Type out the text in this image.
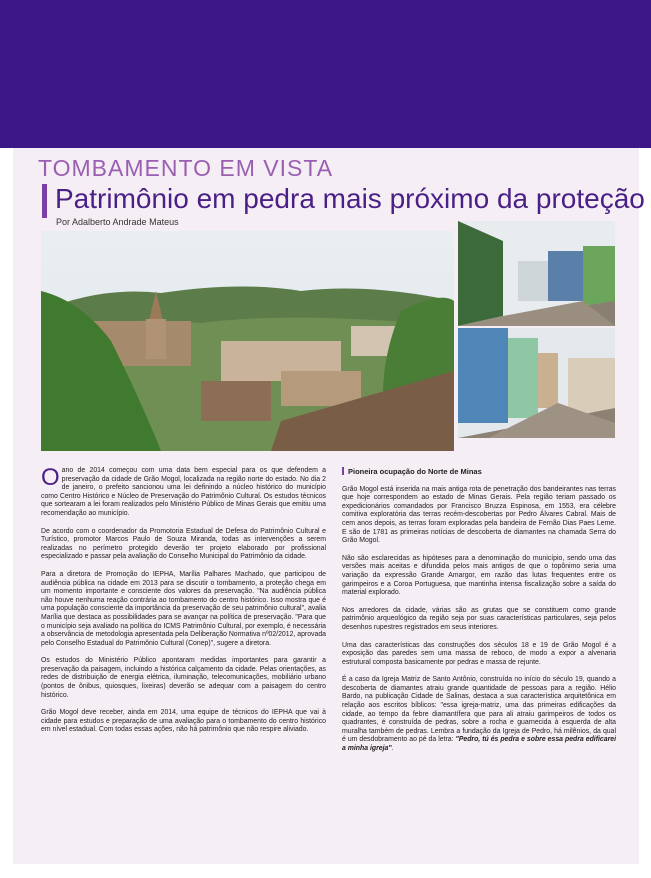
TOMBAMENTO EM VISTA
Patrimônio em pedra mais próximo da proteção
Por Adalberto Andrade Mateus

O ano de 2014 começou com uma data bem especial para os que defendem a preservação da cidade de Grão Mogol, localizada na região norte do estado. No dia 2 de janeiro, o prefeito sancionou uma lei definindo a núcleo histórico do município como Centro Histórico e Núcleo de Preservação do Patrimônio Cultural. Os estudos técnicos que sortearam a lei foram realizados pelo Ministério Público de Minas Gerais que emitiu uma recomendação ao município.

De acordo com o coordenador da Promotoria Estadual de Defesa do Patrimônio Cultural e Turístico, promotor Marcos Paulo de Souza Miranda, todas as intervenções a serem realizadas no perímetro protegido deverão ter projeto elaborado por profissional especializado e passar pela avaliação do Conselho Municipal do Patrimônio da cidade.

Para a diretora de Promoção do IEPHA, Marília Palhares Machado, que participou de audiência pública na cidade em 2013 para se discutir o tombamento, a proteção chega em um momento importante e consciente dos valores da preservação. "Na audiência pública não houve nenhuma reação contrária ao tombamento do centro histórico. Isso mostra que é uma população consciente da importância da preservação de seu patrimônio cultural", avalia Marília que destaca as possibilidades para se avançar na política de preservação. "Para que o município seja avaliado na política do ICMS Patrimônio Cultural, por exemplo, é necessária a observância de metodologia apresentada pela Deliberação Normativa nº02/2012, aprovada pelo Conselho Estadual do Patrimônio Cultural (Conep)", sugere a diretora.

Os estudos do Ministério Público apontaram medidas importantes para garantir a preservação da paisagem, incluindo a histórica calçamento da cidade. Pelas orientações, as redes de distribuição de energia elétrica, iluminação, telecomunicações, mobiliário urbano (pontos de ônibus, quiosques, lixeiras) deverão se adequar com a paisagem do centro histórico.

Grão Mogol deve receber, ainda em 2014, uma equipe de técnicos do IEPHA que vai à cidade para estudos e preparação de uma avaliação para o tombamento do centro histórico em nível estadual. Com todas essas ações, não há patrimônio que não respire aliviado.

Pioneira ocupação do Norte de Minas

Grão Mogol está inserida na mais antiga rota de penetração dos bandeirantes nas terras que hoje correspondem ao estado de Minas Gerais. Pela região teriam passado os expedicionários comandados por Francisco Bruzza Espinosa, em 1553, era célebre comitiva exploratória das terras recém-descobertas por Pedro Álvares Cabral. Mais de cem anos depois, as terras foram exploradas pela bandeira de Fernão Dias Paes Leme. E são de 1781 as primeiras notícias de descoberta de diamantes na chamada Serra do Grão Mogol.

Não são esclarecidas as hipóteses para a denominação do município, sendo uma das versões mais aceitas e difundida pelos mais antigos de que o topônimo seria uma variação da expressão Grande Amargor, em razão das lutas frequentes entre os garimpeiros e a Coroa Portuguesa, que mantinha intensa fiscalização sobre a saída do material explorado.

Nos arredores da cidade, várias são as grutas que se constituem como grande patrimônio arqueológico da região seja por suas características particulares, seja pelos desenhos rupestres registrados em seus interiores.

Uma das características das construções dos séculos 18 e 19 de Grão Mogol é a exposição das paredes sem uma massa de reboco, de modo a expor a alvenaria estrutural composta basicamente por pedras e massa de rejunte.

É a caso da Igreja Matriz de Santo Antônio, construída no início do século 19, quando a descoberta de diamantes atraiu grande quantidade de pessoas para a região. Hélio Bardo, na publicação Cidade de Salinas, destaca a sua característica arquitetônica em relação aos escritos bíblicos: "essa igreja-matriz, uma das primeiras edificações da cidade, ao tempo da febre diamantífera que para ali atraiu garimpeiros de todos os quadrantes, é construída de pedras, sobre a rocha e guarnecida à esquerda de alta muralha também de pedras. Lembra a fundação da Igreja de Pedro, há milênios, da qual é um desdobramento ao pé da letra: "Pedro, tú és pedra e sobre essa pedra edificarei a minha igreja".
